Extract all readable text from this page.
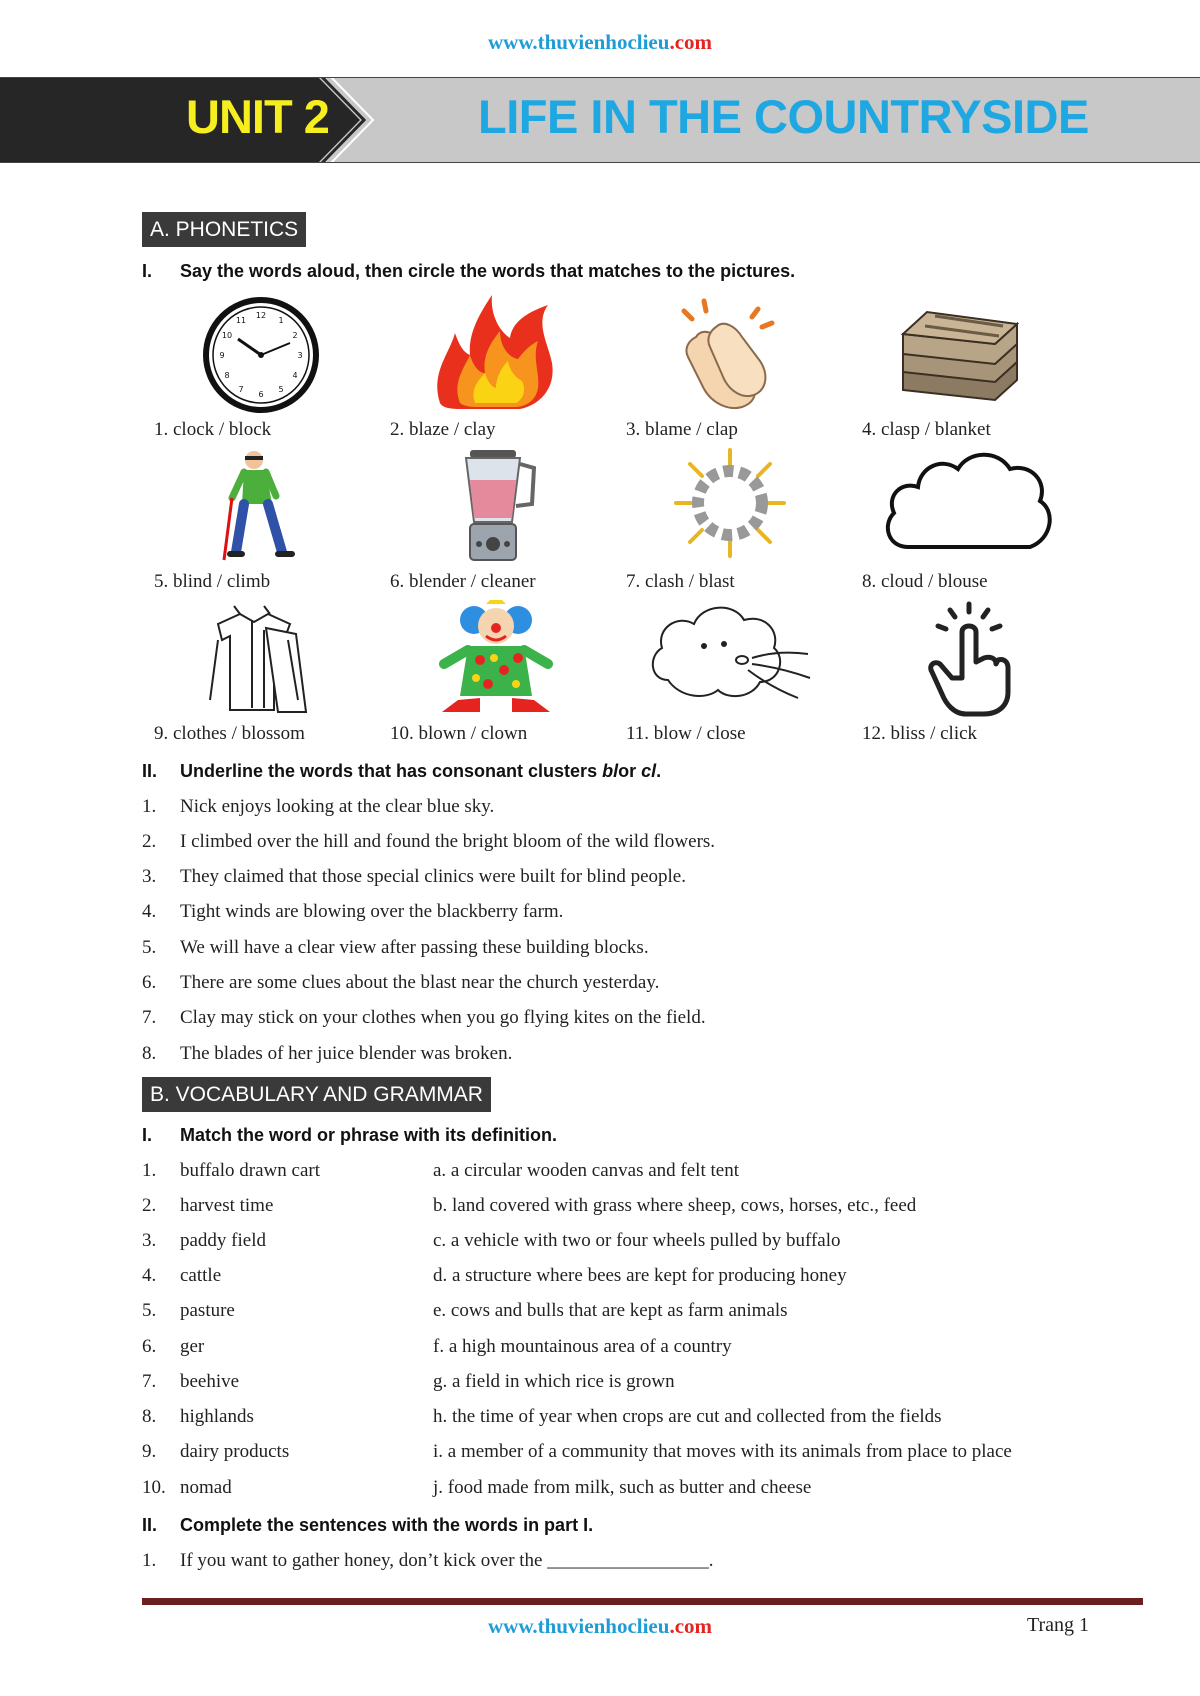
www.thuvienhoclieu.com
UNIT 2	LIFE IN THE COUNTRYSIDE
A. PHONETICS
I. Say the words aloud, then circle the words that matches to the pictures.
12
1
2
3
4
5
6
7
8
9
10
11
1. clock / block	2. blaze / clay	3. blame / clap	4. clasp / blanket
5. blind / climb	6. blender / cleaner	7. clash / blast	8. cloud / blouse
9. clothes / blossom	10. blown / clown	11. blow / close	12. bliss / click
II. Underline the words that has consonant clusters blor cl.
1. Nick enjoys looking at the clear blue sky.
2. I climbed over the hill and found the bright bloom of the wild flowers.
3. They claimed that those special clinics were built for blind people.
4. Tight winds are blowing over the blackberry farm.
5. We will have a clear view after passing these building blocks.
6. There are some clues about the blast near the church yesterday.
7. Clay may stick on your clothes when you go flying kites on the field.
8. The blades of her juice blender was broken.
B. VOCABULARY AND GRAMMAR
I. Match the word or phrase with its definition.
1. buffalo drawn cart	a. a circular wooden canvas and felt tent
2. harvest time	b. land covered with grass where sheep, cows, horses, etc., feed
3. paddy field	c. a vehicle with two or four wheels pulled by buffalo
4. cattle	d. a structure where bees are kept for producing honey
5. pasture	e. cows and bulls that are kept as farm animals
6. ger	f. a high mountainous area of a country
7. beehive	g. a field in which rice is grown
8. highlands	h. the time of year when crops are cut and collected from the fields
9. dairy products	i. a member of a community that moves with its animals from place to place
10. nomad	j. food made from milk, such as butter and cheese
II. Complete the sentences with the words in part I.
1. If you want to gather honey, don’t kick over the _________________.
www.thuvienhoclieu.com	Trang 1
